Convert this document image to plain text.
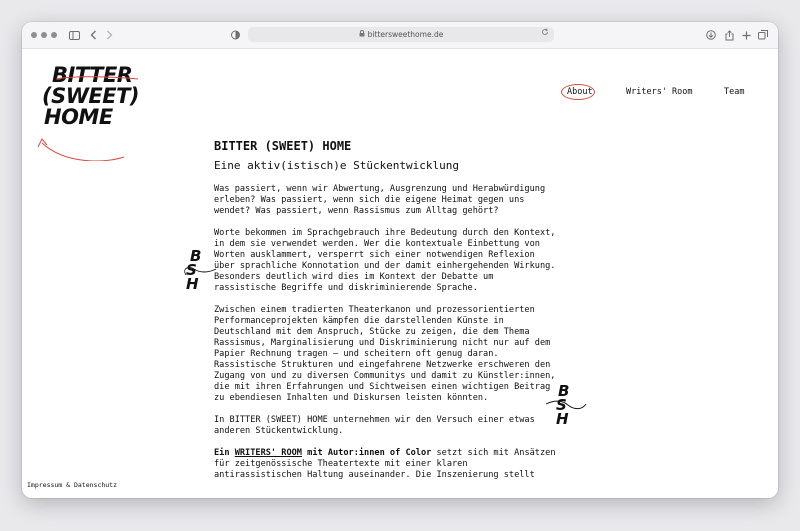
bittersweethome.de
BITTER
(SWEET)
HOME
About	Writers' Room	Team
BITTER (SWEET) HOME
Eine aktiv(istisch)e Stückentwicklung

Was passiert, wenn wir Abwertung, Ausgrenzung und Herabwürdigung erleben? Was passiert, wenn sich die eigene Heimat gegen uns wendet? Was passiert, wenn Rassismus zum Alltag gehört?

Worte bekommen im Sprachgebrauch ihre Bedeutung durch den Kontext, in dem sie verwendet werden. Wer die kontextuale Einbettung von Worten ausklammert, versperrt sich einer notwendigen Reflexion über sprachliche Konnotation und der damit einhergehenden Wirkung. Besonders deutlich wird dies im Kontext der Debatte um rassistische Begriffe und diskriminierende Sprache.

Zwischen einem tradierten Theaterkanon und prozessorientierten Performanceprojekten kämpfen die darstellenden Künste in Deutschland mit dem Anspruch, Stücke zu zeigen, die dem Thema Rassismus, Marginalisierung und Diskriminierung nicht nur auf dem Papier Rechnung tragen – und scheitern oft genug daran. Rassistische Strukturen und eingefahrene Netzwerke erschweren den Zugang von und zu diversen Communitys und damit zu Künstler:innen, die mit ihren Erfahrungen und Sichtweisen einen wichtigen Beitrag zu ebendiesen Inhalten und Diskursen leisten könnten.

In BITTER (SWEET) HOME unternehmen wir den Versuch einer etwas anderen Stückentwicklung.

Ein WRITERS' ROOM mit Autor:innen of Color setzt sich mit Ansätzen für zeitgenössische Theatertexte mit einer klaren antirassistischen Haltung auseinander. Die Inszenierung stellt

B
S
H
B
S
H
Impressum & Datenschutz
